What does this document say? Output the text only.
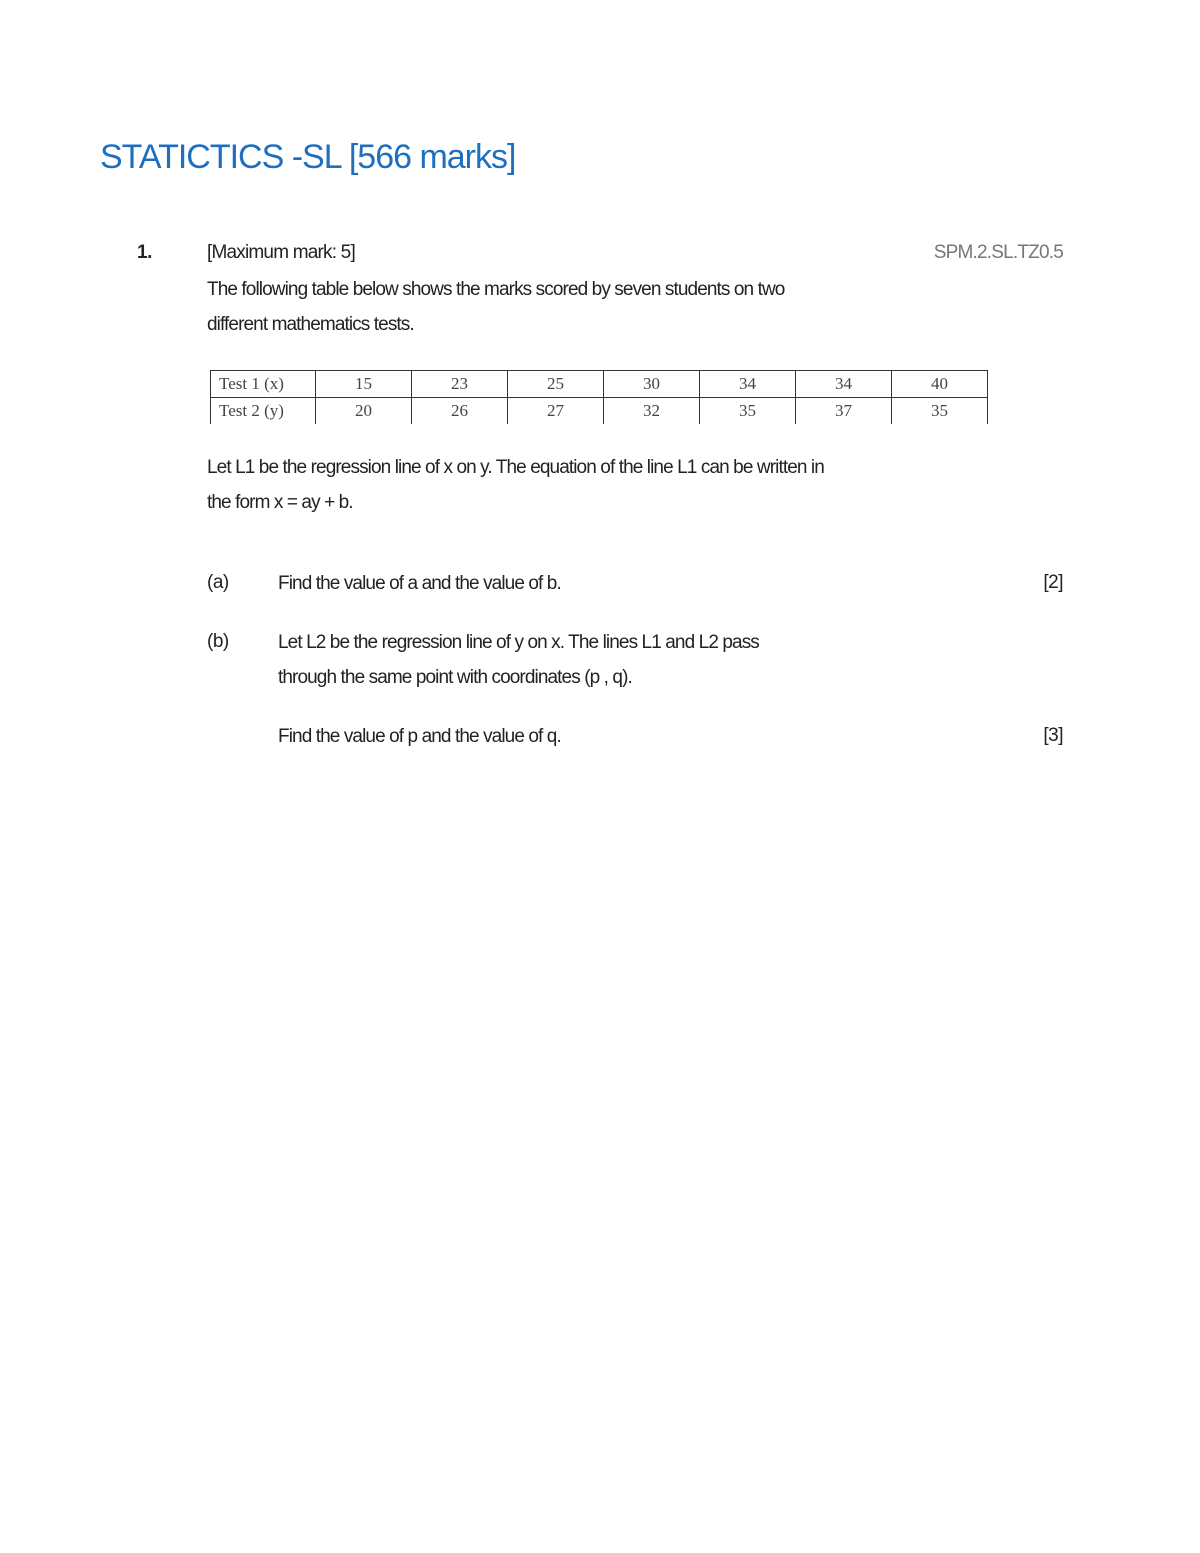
STATICTICS -SL [566 marks]
1.	[Maximum mark: 5]	SPM.2.SL.TZ0.5
The following table below shows the marks scored by seven students on two
different mathematics tests.
Test 1 (x)	15	23	25	30	34	34	40
Test 2 (y)	20	26	27	32	35	37	35
Let L1 be the regression line of x on y. The equation of the line L1 can be written in
the form x = ay + b.
(a)	Find the value of a and the value of b.	[2]
(b)	Let L2 be the regression line of y on x. The lines L1 and L2 pass
through the same point with coordinates (p , q).
Find the value of p and the value of q.	[3]
